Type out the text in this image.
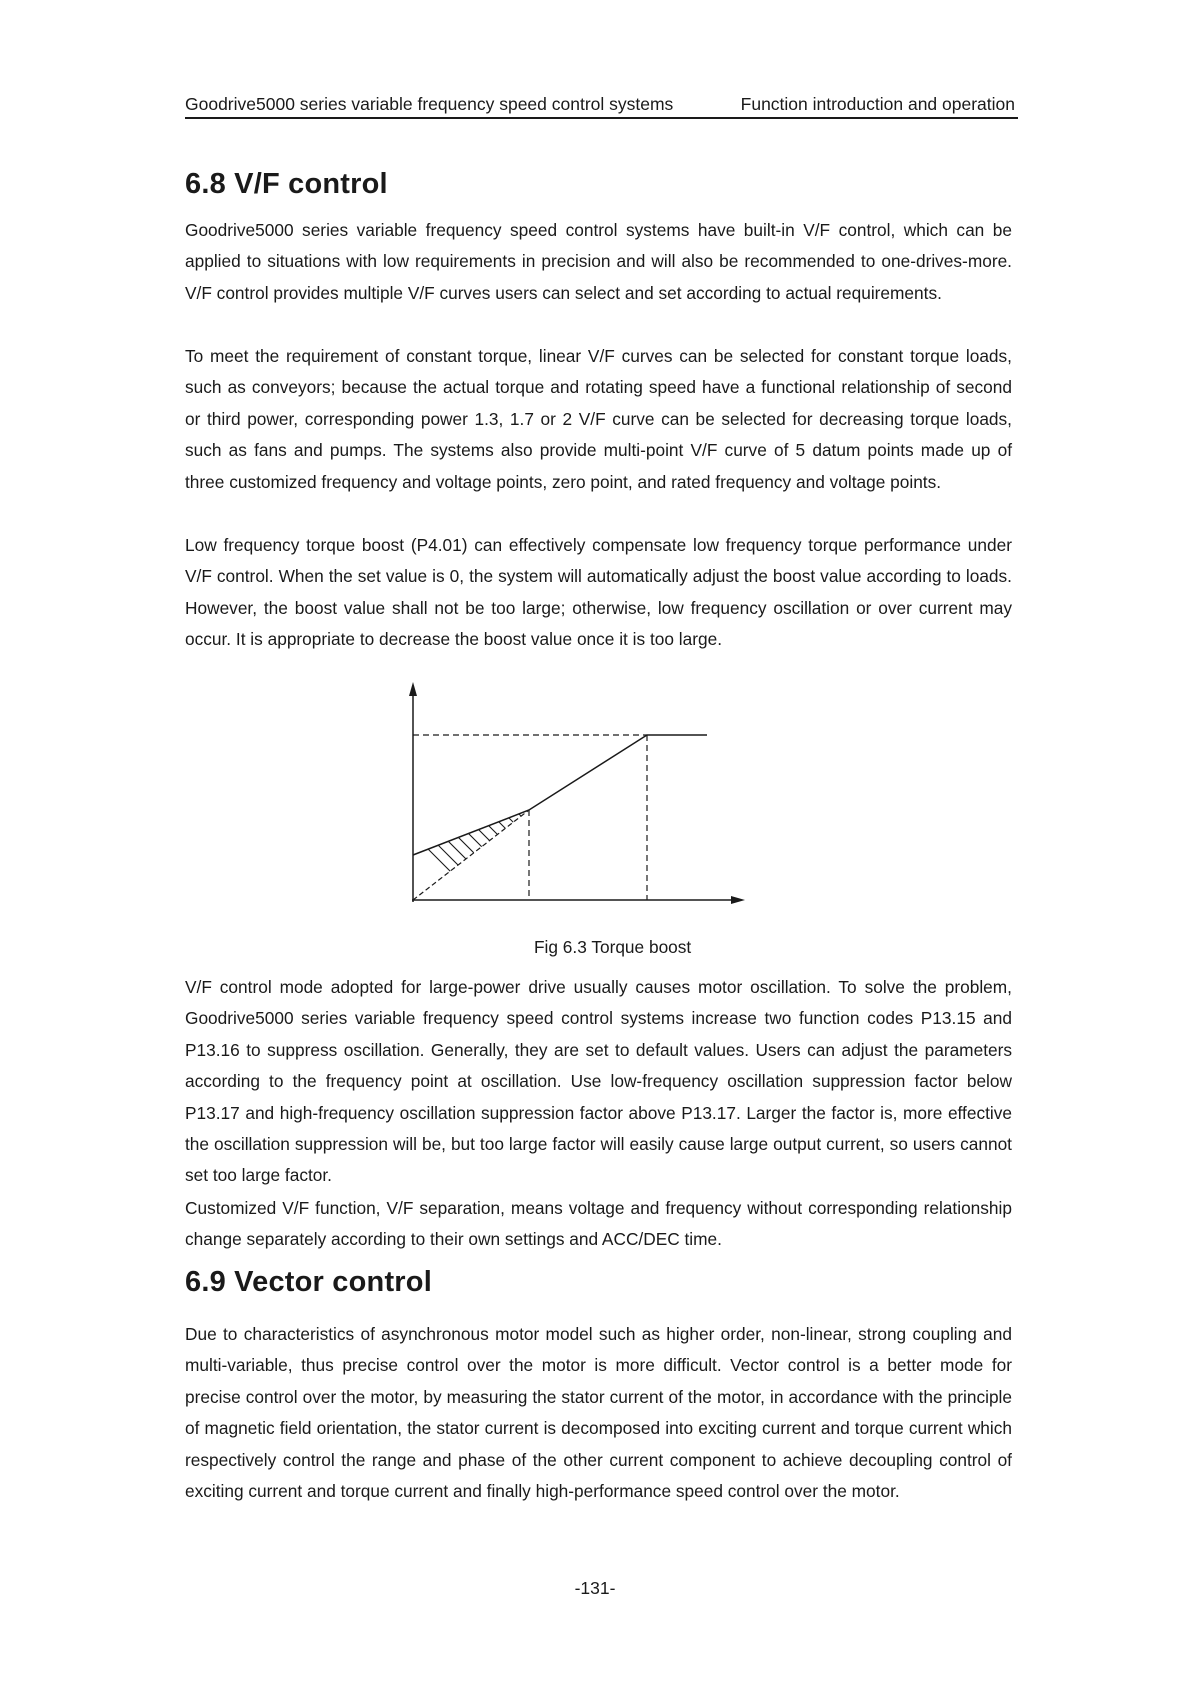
Goodrive5000 series variable frequency speed control systems	Function introduction and operation
6.8 V/F control

Goodrive5000 series variable frequency speed control systems have built-in V/F control, which can be applied to situations with low requirements in precision and will also be recommended to one-drives-more. V/F control provides multiple V/F curves users can select and set according to actual requirements.

To meet the requirement of constant torque, linear V/F curves can be selected for constant torque loads, such as conveyors; because the actual torque and rotating speed have a functional relationship of second or third power, corresponding power 1.3, 1.7 or 2 V/F curve can be selected for decreasing torque loads, such as fans and pumps. The systems also provide multi-point V/F curve of 5 datum points made up of three customized frequency and voltage points, zero point, and rated frequency and voltage points.

Low frequency torque boost (P4.01) can effectively compensate low frequency torque performance under V/F control. When the set value is 0, the system will automatically adjust the boost value according to loads. However, the boost value shall not be too large; otherwise, low frequency oscillation or over current may occur. It is appropriate to decrease the boost value once it is too large.

Fig 6.3 Torque boost

V/F control mode adopted for large-power drive usually causes motor oscillation. To solve the problem, Goodrive5000 series variable frequency speed control systems increase two function codes P13.15 and P13.16 to suppress oscillation. Generally, they are set to default values. Users can adjust the parameters according to the frequency point at oscillation. Use low-frequency oscillation suppression factor below P13.17 and high-frequency oscillation suppression factor above P13.17. Larger the factor is, more effective the oscillation suppression will be, but too large factor will easily cause large output current, so users cannot set too large factor.

Customized V/F function, V/F separation, means voltage and frequency without corresponding relationship change separately according to their own settings and ACC/DEC time.

6.9 Vector control

Due to characteristics of asynchronous motor model such as higher order, non-linear, strong coupling and multi-variable, thus precise control over the motor is more difficult. Vector control is a better mode for precise control over the motor, by measuring the stator current of the motor, in accordance with the principle of magnetic field orientation, the stator current is decomposed into exciting current and torque current which respectively control the range and phase of the other current component to achieve decoupling control of exciting current and torque current and finally high-performance speed control over the motor.

-131-
